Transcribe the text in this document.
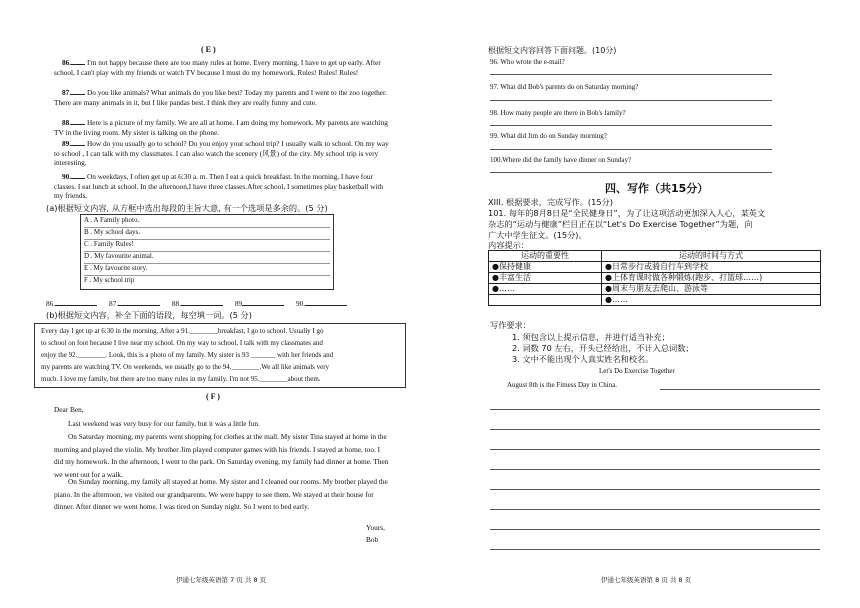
( E )
86. I'm not happy because there are too many rules at home. Every morning, I have to get up early. After school, I can't play with my friends or watch TV because I must do my homework. Rules! Rules! Rules!
87. Do you like animals? What animals do you like best? Today my parents and I went to the zoo together. There are many animals in it, but I like pandas best. I think they are really funny and cute.
88. Here is a picture of my family. We are all at home. I am doing my homework. My parents are watching TV in the living room. My sister is talking on the phone.
89. How do you usually go to school? Do you enjoy your school trip? I usually walk to school. On my way to school , I can talk with my classmates. I can also watch the scenery (风景) of the city. My school trip is very interesting.
90. On weekdays, I often get up at 6:30 a. m. Then I eat a quick breakfast. In the morning, I have four classes. I eat lunch at school. In the afternoon,I have three classes.After school, I sometimes play basketball with my friends.
(a)根据短文内容, 从方框中选出每段的主旨大意, 有一个选项是多余的。(5 分)
A . A Family photo.
B . My school days.
C . Family Rules!
D . My favourite animal.
E . My favourite story.
F . My school trip
86.	87.	88.	89	90.
(b)根据短文内容，补全下面的语段，每空填一词。(5 分)
Every day I get up at 6:30 in the morning. After a 91.________breakfast, I go to school. Usually I go
to school on foot because I live near my school. On my way to school, I talk with my classmates and
enjoy the 92.________. Look, this is a photo of my family. My sister is 93 _______ with her friends and
my parents are watching TV. On weekends, we usually go to the 94.________.We all like animals very
much. I love my family, but there are too many rules in my family. I'm not 95.________about them.
( F )
Dear Ben,
Last weekend was very busy for our family, but it was a little fun.
On Saturday morning, my parents went shopping for clothes at the mall. My sister Tina stayed at home in the morning and played the violin. My brother Jim played computer games with his friends. I stayed at home, too. I did my homework. In the afternoon, I went to the park. On Saturday evening, my family had dinner at home. Then we went out for a walk.
On Sunday morning, my family all stayed at home. My sister and I cleaned our rooms. My brother played the piano. In the afternoon, we visited our grandparents. We were happy to see them. We stayed at their house for dinner. After dinner we went home. I was tired on Sunday night. So I went to bed early.
Yours,
Bob
伊通七年级英语第 7 页 共 8 页
根据短文内容回答下面问题。(10分)
96. Who wrote the e-mail?
97. What did Bob's parents do on Saturday morning?
98. How many people are there in Bob's family?
99. What did Jim do on Sunday morning?
100.Where did the family have dinner on Sunday?
四、写作（共15分）
XIII. 根据要求，完成写作。(15分)
101. 每年的8月8日是“全民健身日”，为了让这项活动更加深入人心，某英文
杂志的“运动与健康”栏目正在以“Let's Do Exercise Together”为题，向
广大中学生征文。(15分)。
内容提示：
运动的重要性	运动的时间与方式
●保持健康	●日常步行或骑自行车到学校
●丰富生活	●上体育课时做各种锻炼(跑步、打篮球……)
●……	●周末与朋友去爬山、游泳等
	●……
写作要求：
1. 须包含以上提示信息，并进行适当补充；
2. 词数 70 左右，开头已经给出，不计入总词数；
3. 文中不能出现个人真实姓名和校名。
Let's Do Exercise Together
August 8th is the Fitness Day in China.
伊通七年级英语第 8 页 共 8 页
